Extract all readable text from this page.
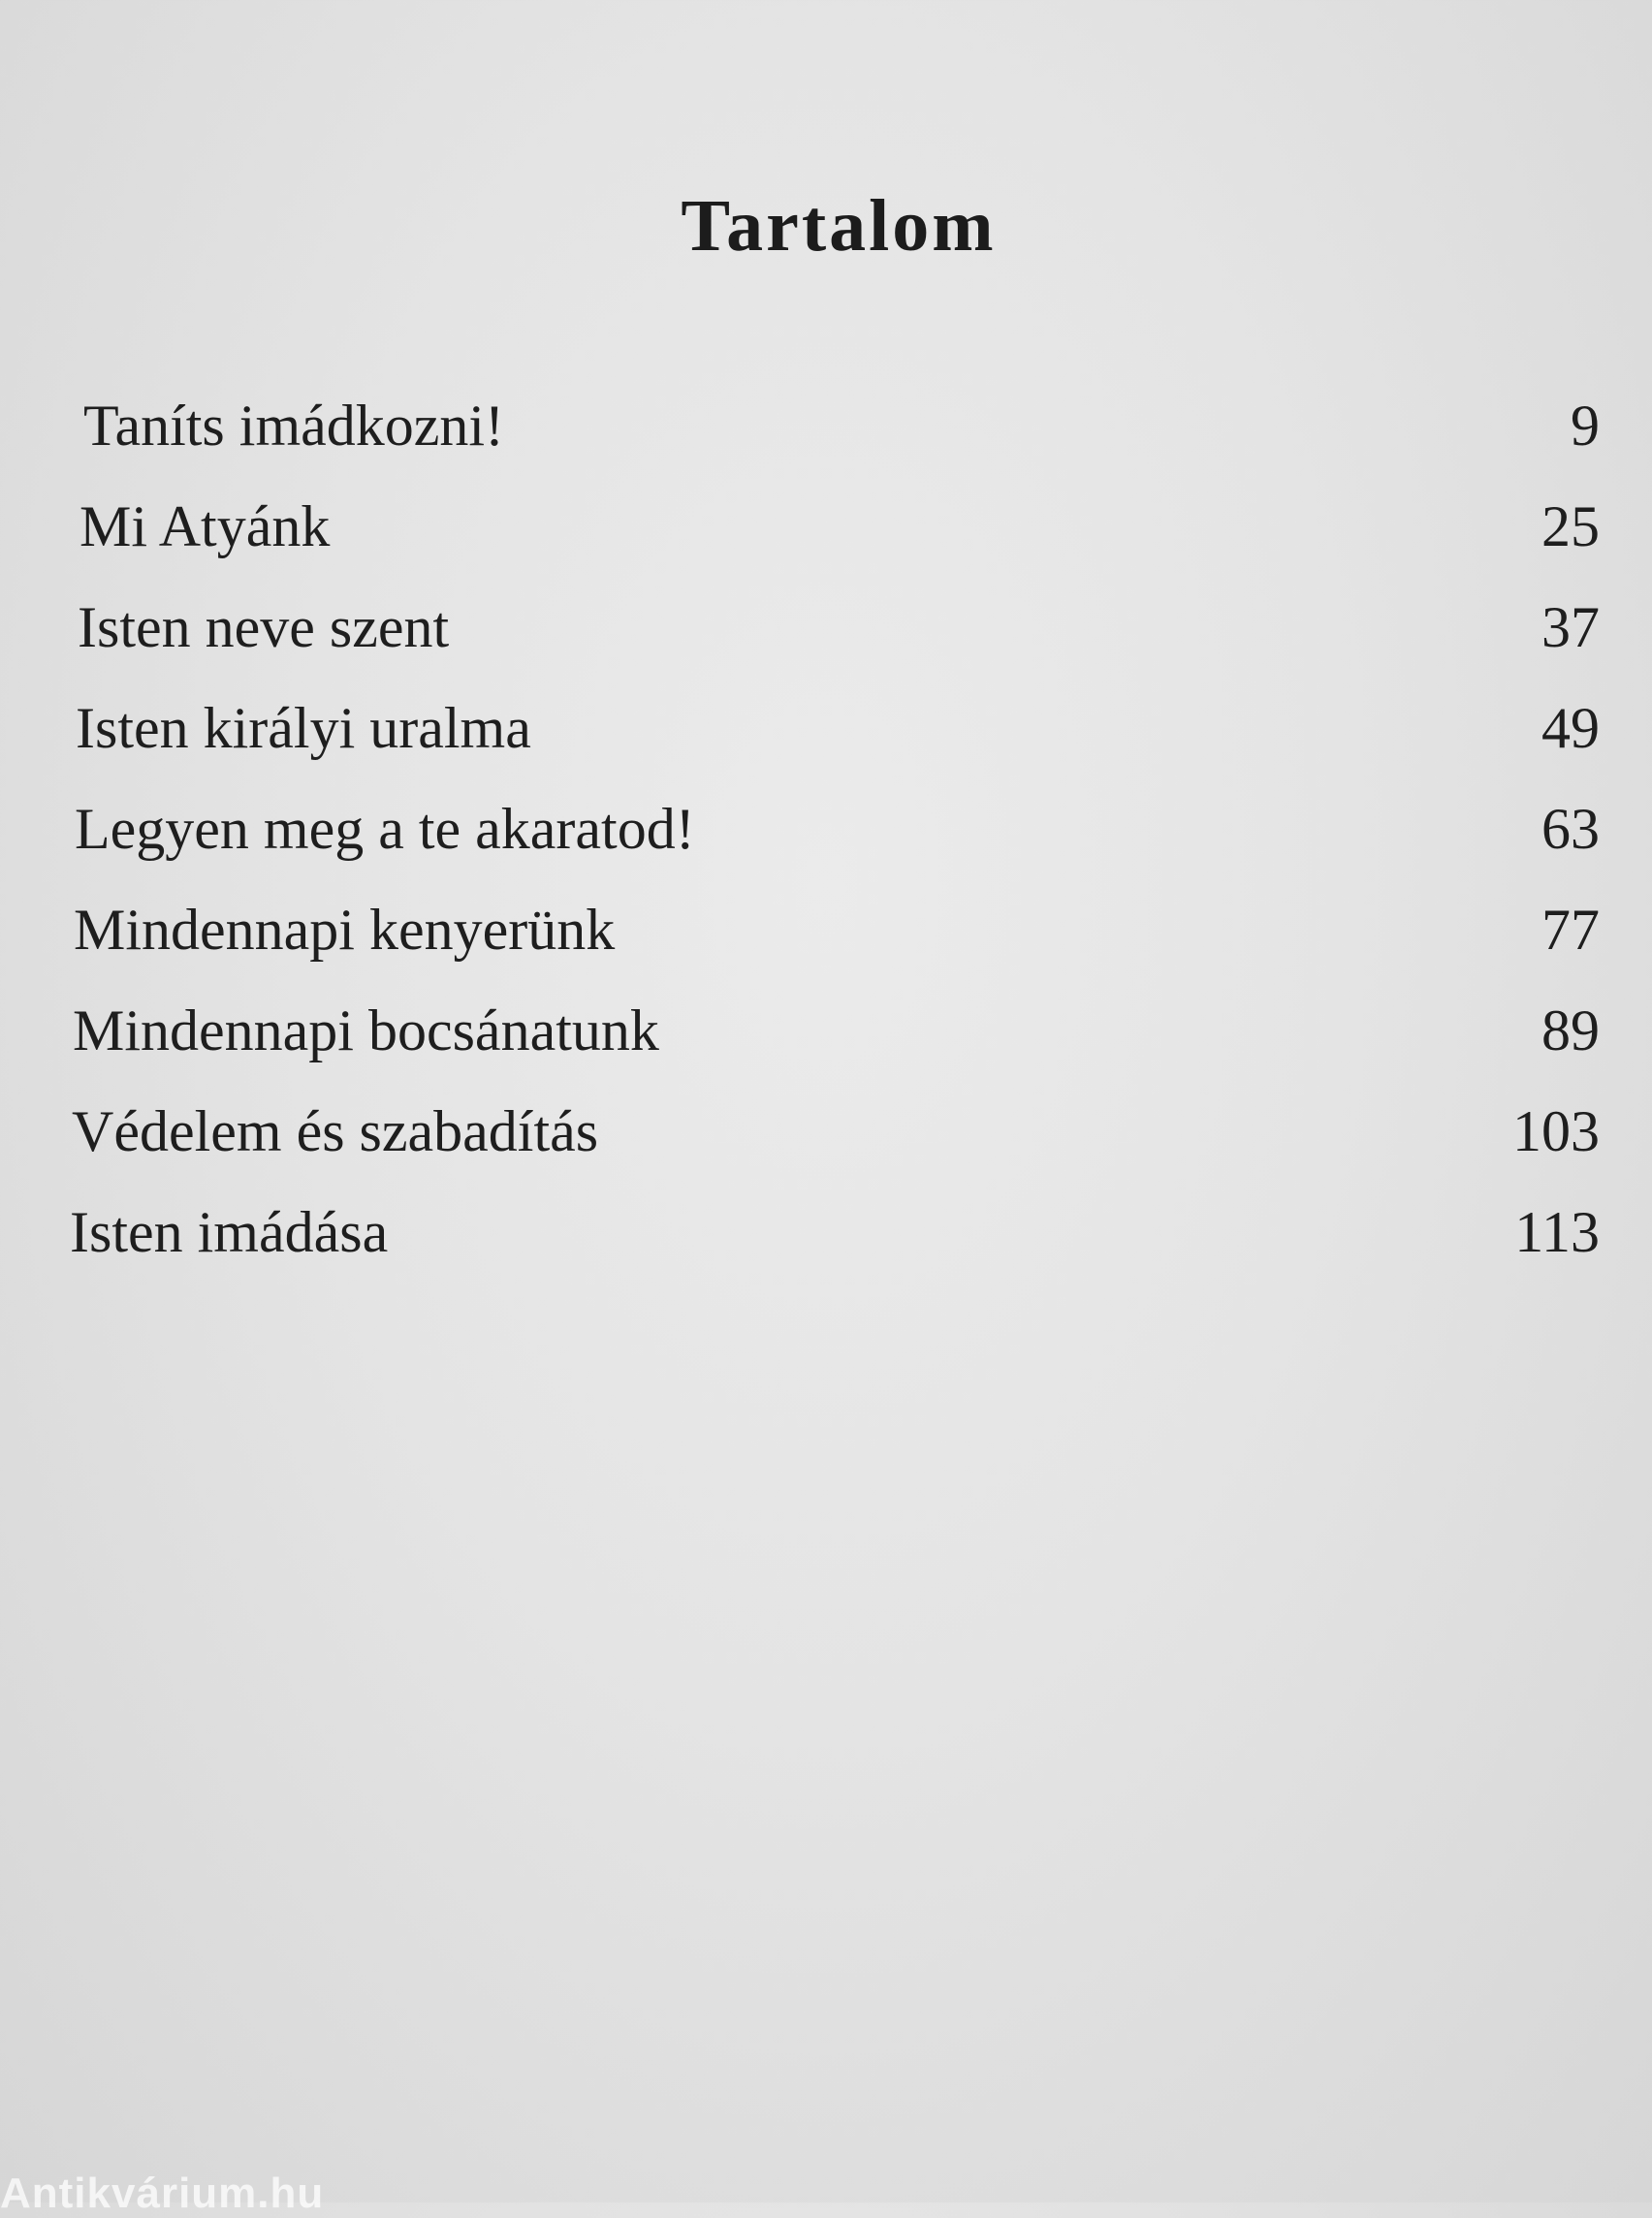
Tartalom
Taníts imádkozni!	9
Mi Atyánk	25
Isten neve szent	37
Isten királyi uralma	49
Legyen meg a te akaratod!	63
Mindennapi kenyerünk	77
Mindennapi bocsánatunk	89
Védelem és szabadítás	103
Isten imádása	113
Antikvárium.hu
